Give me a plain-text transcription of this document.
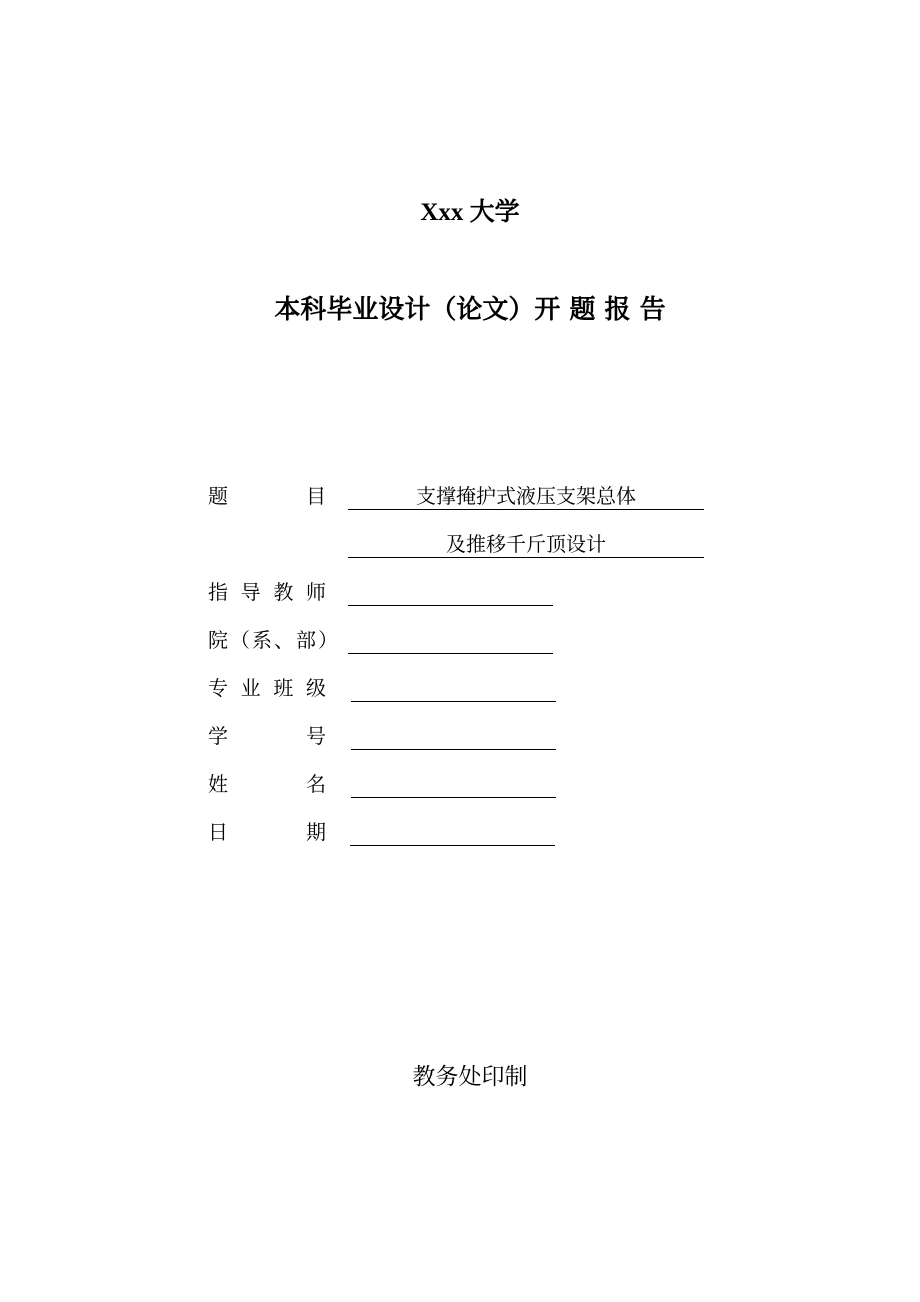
Xxx 大学
本科毕业设计（论文）开 题 报 告
题	目	支撑掩护式液压支架总体
及推移千斤顶设计
指 导 教 师
院（系、部）
专 业 班 级
学	号
姓	名
日	期
教务处印制
